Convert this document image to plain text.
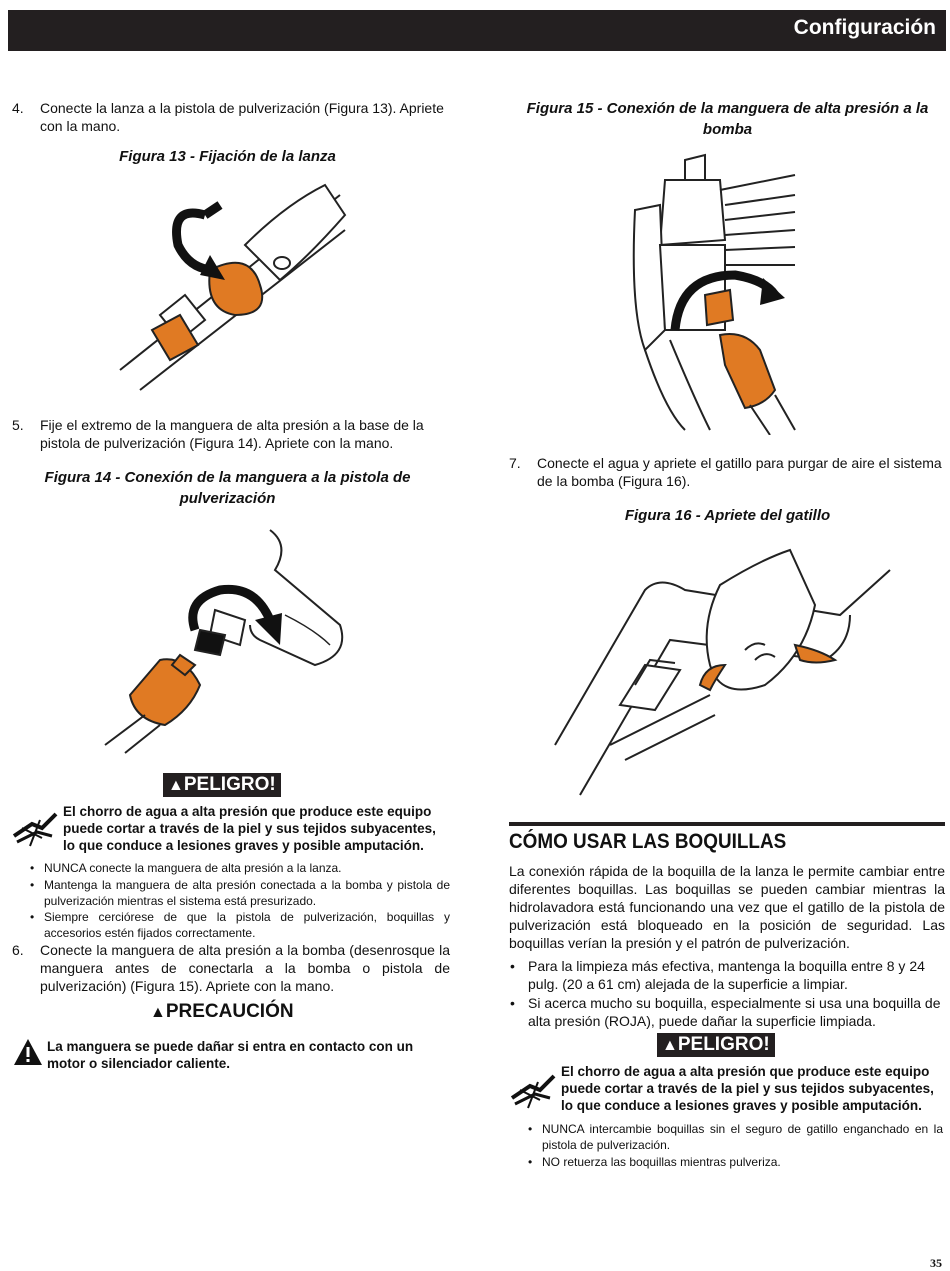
Configuración
4. Conecte la lanza a la pistola de pulverización (Figura 13). Apriete con la mano.
Figura 13 - Fijación de la lanza
5. Fije el extremo de la manguera de alta presión a la base de la pistola de pulverización (Figura 14). Apriete con la mano.
Figura 14 - Conexión de la manguera a la pistola de pulverización
▲PELIGRO!
El chorro de agua a alta presión que produce este equipo puede cortar a través de la piel y sus tejidos subyacentes, lo que conduce a lesiones graves y posible amputación.
• NUNCA conecte la manguera de alta presión a la lanza.
• Mantenga la manguera de alta presión conectada a la bomba y pistola de pulverización mientras el sistema está presurizado.
• Siempre cerciórese de que la pistola de pulverización, boquillas y accesorios estén fijados correctamente.
6. Conecte la manguera de alta presión a la bomba (desenrosque la manguera antes de conectarla a la bomba o pistola de pulverización) (Figura 15). Apriete con la mano.
▲PRECAUCIÓN
La manguera se puede dañar si entra en contacto con un motor o silenciador caliente.
Figura 15 - Conexión de la manguera de alta presión a la bomba
7. Conecte el agua y apriete el gatillo para purgar de aire el sistema de la bomba (Figura 16).
Figura 16 - Apriete del gatillo
CÓMO USAR LAS BOQUILLAS
La conexión rápida de la boquilla de la lanza le permite cambiar entre diferentes boquillas. Las boquillas se pueden cambiar mientras la hidrolavadora está funcionando una vez que el gatillo de la pistola de pulverización está bloqueado en la posición de seguridad. Las boquillas verían la presión y el patrón de pulverización.
• Para la limpieza más efectiva, mantenga la boquilla entre 8 y 24 pulg. (20 a 61 cm) alejada de la superficie a limpiar.
• Si acerca mucho su boquilla, especialmente si usa una boquilla de alta presión (ROJA), puede dañar la superficie limpiada.
▲PELIGRO!
El chorro de agua a alta presión que produce este equipo puede cortar a través de la piel y sus tejidos subyacentes, lo que conduce a lesiones graves y posible amputación.
• NUNCA intercambie boquillas sin el seguro de gatillo enganchado en la pistola de pulverización.
• NO retuerza las boquillas mientras pulveriza.
35
